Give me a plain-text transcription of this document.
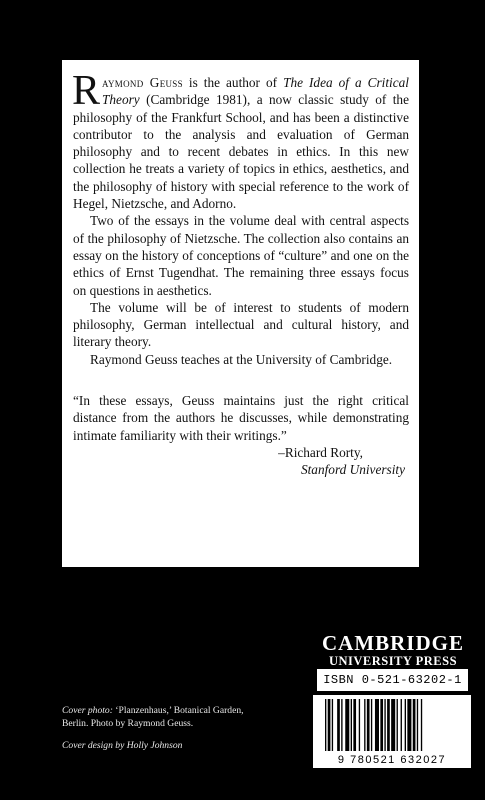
Raymond Geuss is the author of The Idea of a Critical Theory (Cambridge 1981), a now classic study of the philosophy of the Frankfurt School, and has been a distinctive contributor to the analysis and evaluation of German philosophy and to recent debates in ethics. In this new collection he treats a variety of topics in ethics, aesthetics, and the philosophy of history with special reference to the work of Hegel, Nietzsche, and Adorno.

Two of the essays in the volume deal with central aspects of the philosophy of Nietzsche. The collection also contains an essay on the history of conceptions of “culture” and one on the ethics of Ernst Tugendhat. The remaining three essays focus on questions in aesthetics.

The volume will be of interest to students of modern philosophy, German intellectual and cultural history, and literary theory.

Raymond Geuss teaches at the University of Cambridge.

“In these essays, Geuss maintains just the right critical distance from the authors he discusses, while demonstrating intimate familiarity with their writings.”

–Richard Rorty,

Stanford University

CAMBRIDGE
UNIVERSITY PRESS
ISBN 0-521-63202-1
9 780521 632027

Cover photo: ‘Planzenhaus,’ Botanical Garden, Berlin. Photo by Raymond Geuss.

Cover design by Holly Johnson
